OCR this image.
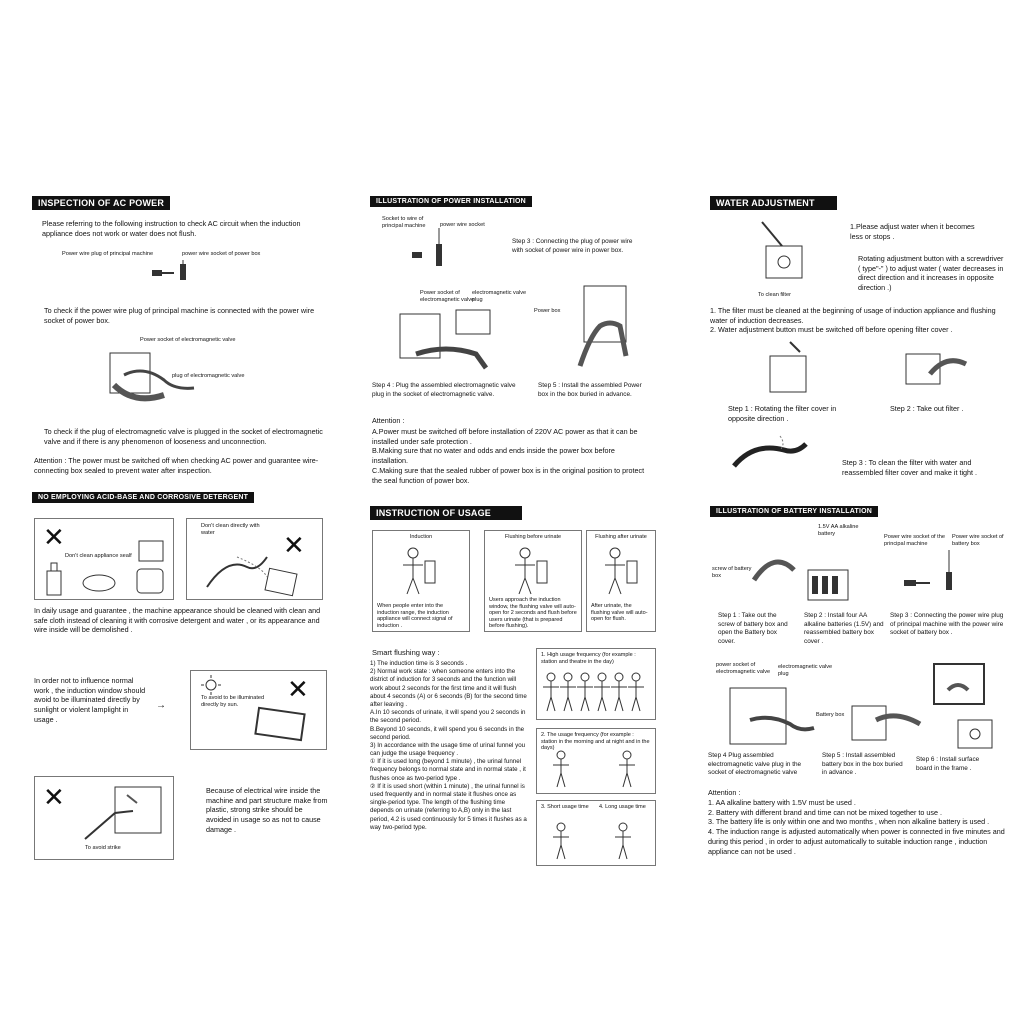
INSPECTION OF AC POWER
Please referring to the following instruction to check AC circuit when the induction appliance does not work or water does not flush.
Power wire plug of principal machine	power wire socket of power box
To check if the power wire plug of principal machine is connected with the power wire socket of power box.
Power socket of electromagnetic valve
plug of electromagnetic valve
To check if the plug of electromagnetic valve is plugged in the socket of electromagnetic valve and if there is any phenomenon of looseness and unconnection.
Attention : The power must be switched off when checking AC power and guarantee wire-connecting box sealed to prevent water after inspection.
NO EMPLOYING ACID-BASE AND CORROSIVE DETERGENT
✕
Don't clean appliance sealf
Don't clean directly with water	✕
In daily usage and guarantee , the machine appearance should be cleaned with clean and safe cloth instead of cleaning it with corrosive detergent and water , or its appearance and wire inside will be demolished .
In order not to influence normal work , the induction window should avoid to be illuminated directly by sunlight or violent lamplight in usage .
→
To avoid to be illuminated directly by sun.	✕
✕
To avoid strike
Because of electrical wire inside the machine and part structure make from plastic, strong strike should be avoided in usage so as not to cause damage .
ILLUSTRATION OF POWER INSTALLATION
Socket to wire of principal machine	power wire socket
Step 3 : Connecting the plug of power wire with socket of power wire in power box.
Power socket of electromagnetic valve
electromagnetic valve plug
Power box
Step 4 : Plug the assembled electromagnetic valve plug in the socket of electromagnetic valve.
Step 5 : Install the assembled Power box in the box buried in advance.
Attention :
A.Power must be switched off before installation of 220V AC power as that it can be installed under safe protection .
B.Making sure that no water and odds and ends inside the power box before installation.
C.Making sure that the sealed rubber of power box is in the original position to protect the seal function of power box.
INSTRUCTION OF USAGE
Induction
When people enter into the induction range, the induction appliance will connect signal of induction .
Flushing before urinate
Users approach the induction window, the flushing valve will auto-open for 2 seconds and flush before users urinate (that is prepared before flushing).
Flushing after urinate
After urinate, the flushing valve will auto-open for flush.
Smart flushing way :
1) The induction time is 3 seconds .
2) Normal work state : when someone enters into the district of induction for 3 seconds and the function will work about 2 seconds for the first time and it will flush about 4 seconds (A) or 6 seconds (B) for the second time after leaving .
A.In 10 seconds of urinate, it will spend you 2 seconds in the second period.
B.Beyond 10 seconds, it will spend you 6 seconds in the second period.
3) In accordance with the usage time of urinal funnel you can judge the usage frequency .
① If it is used long (beyond 1 minute) , the urinal funnel frequency belongs to normal state and in normal state , it flushes once as two-period type .
② If it is used short (within 1 minute) , the urinal funnel is used frequently and in normal state it flushes once as single-period type. The length of the flushing time depends on urinate (referring to A,B) only in the last period, 4.2 is used continuously for 5 times it flushes as a way two-period type.
1. High usage frequency (for example : station and theatre in the day)
2. The usage frequency (for example : station in the morning and at night and in the days)
3. Short usage time	4. Long usage time
WATER ADJUSTMENT
To clean filter
1.Please adjust water when it becomes less or stops .
Rotating adjustment button with a screwdriver ( type"-" ) to adjust water ( water decreases in direct direction and it increases in opposite direction .)
1. The filter must be cleaned at the beginning of usage of induction appliance and flushing water of induction decreases.
2. Water adjustment button must be switched off before opening filter cover .
Step 1 : Rotating the filter cover in opposite direction .
Step 2 : Take out filter .
Step 3 : To clean the filter with water and reassembled filter cover and make it tight .
ILLUSTRATION OF BATTERY INSTALLATION
1.5V AA alkaline battery
Power wire socket of the principal machine
Power wire socket of battery box
screw of battery box
Step 1 : Take out the screw of battery box and open the Battery box cover.
Step 2 : Install four AA alkaline batteries (1.5V) and reassembled battery box cover .
Step 3 : Connecting the power wire plug of principal machine with the power wire socket of battery box .
power socket of electromagnetic valve
electromagnetic valve plug
Battery box
Step 4 Plug assembled electromagnetic valve plug in the socket of electromagnetic valve
Step 5 : Install assembled battery box in the box buried in advance .
Step 6 : Install surface board in the frame .
Attention :
1. AA alkaline battery with 1.5V must be used .
2. Battery with different brand and time can not be mixed together to use .
3. The battery life is only within one and two months , when non alkaline battery is used .
4. The induction range is adjusted automatically when power is connected in five minutes and during this period , in order to adjust automatically to suitable induction range , induction appliance can not be used .
